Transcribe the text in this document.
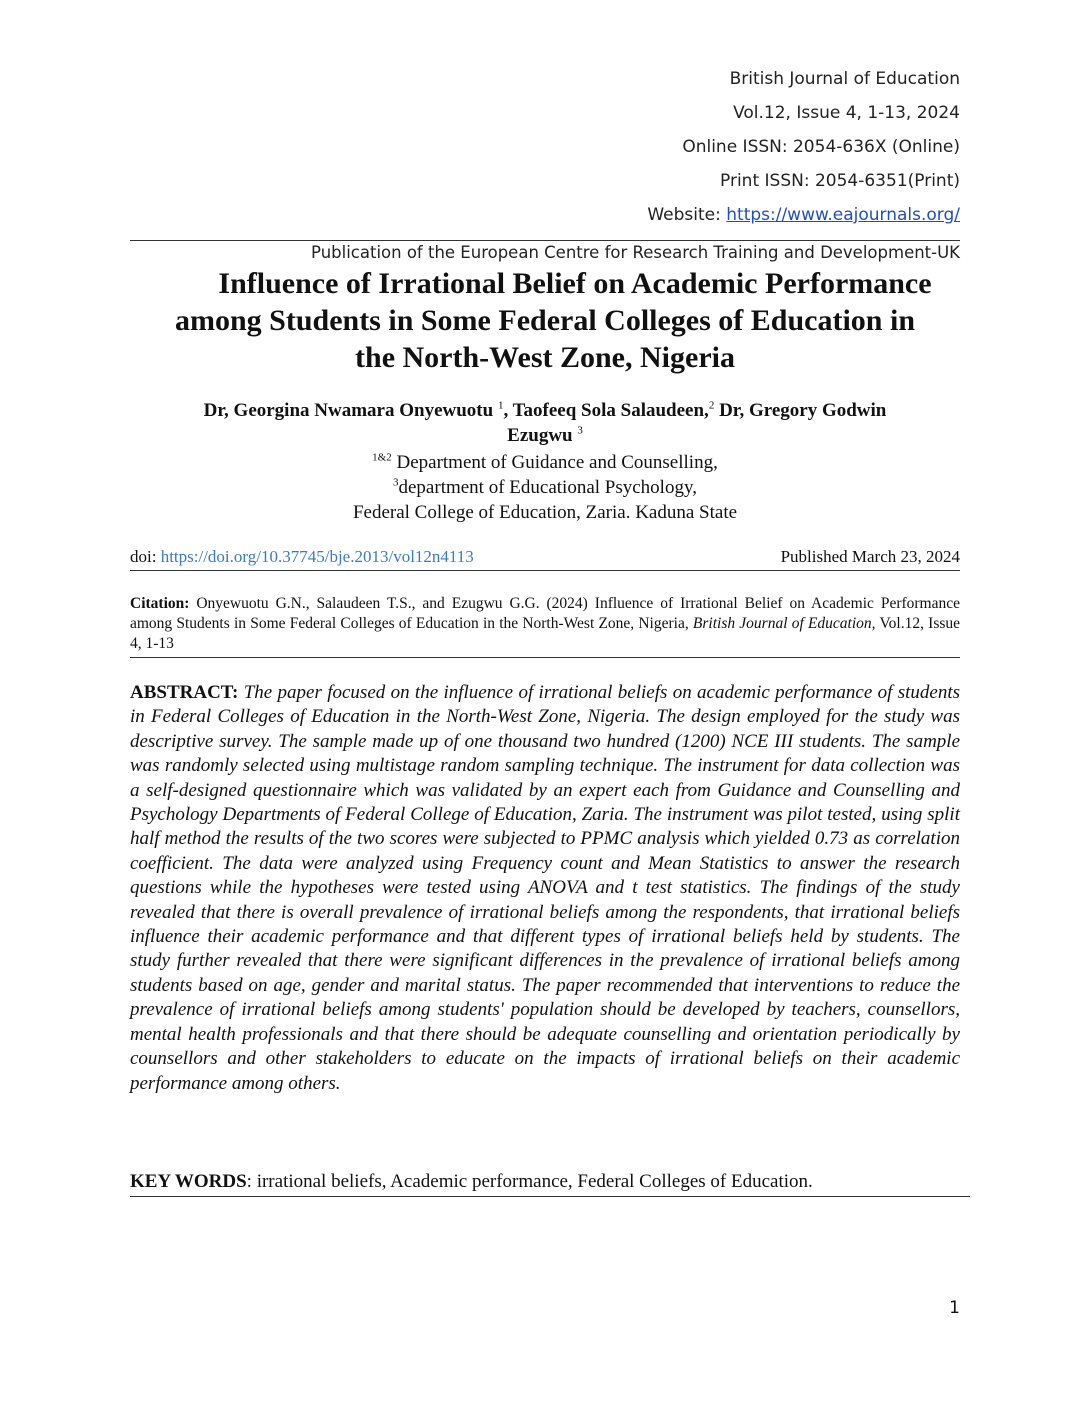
British Journal of Education
Vol.12, Issue 4, 1-13, 2024
Online ISSN: 2054-636X (Online)
Print ISSN: 2054-6351(Print)
Website: https://www.eajournals.org/
Publication of the European Centre for Research Training and Development-UK
Influence of Irrational Belief on Academic Performance
among Students in Some Federal Colleges of Education in
the North-West Zone, Nigeria
Dr, Georgina Nwamara Onyewuotu $^1$, Taofeeq Sola Salaudeen,$^2$ Dr, Gregory Godwin
Ezugwu $^3$
$^{1\&2}$ Department of Guidance and Counselling,
$^3$department of Educational Psychology,
Federal College of Education, Zaria. Kaduna State
doi: https://doi.org/10.37745/bje.2013/vol12n4113	Published March 23, 2024
Citation: Onyewuotu G.N., Salaudeen T.S., and Ezugwu G.G. (2024) Influence of Irrational Belief on Academic Performance among Students in Some Federal Colleges of Education in the North-West Zone, Nigeria, British Journal of Education, Vol.12, Issue 4, 1-13
ABSTRACT: The paper focused on the influence of irrational beliefs on academic performance of students in Federal Colleges of Education in the North-West Zone, Nigeria. The design employed for the study was descriptive survey. The sample made up of one thousand two hundred (1200) NCE III students. The sample was randomly selected using multistage random sampling technique. The instrument for data collection was a self-designed questionnaire which was validated by an expert each from Guidance and Counselling and Psychology Departments of Federal College of Education, Zaria. The instrument was pilot tested, using split half method the results of the two scores were subjected to PPMC analysis which yielded 0.73 as correlation coefficient. The data were analyzed using Frequency count and Mean Statistics to answer the research questions while the hypotheses were tested using ANOVA and t test statistics. The findings of the study revealed that there is overall prevalence of irrational beliefs among the respondents, that irrational beliefs influence their academic performance and that different types of irrational beliefs held by students. The study further revealed that there were significant differences in the prevalence of irrational beliefs among students based on age, gender and marital status. The paper recommended that interventions to reduce the prevalence of irrational beliefs among students' population should be developed by teachers, counsellors, mental health professionals and that there should be adequate counselling and orientation periodically by counsellors and other stakeholders to educate on the impacts of irrational beliefs on their academic performance among others.
KEY WORDS: irrational beliefs, Academic performance, Federal Colleges of Education.
1
